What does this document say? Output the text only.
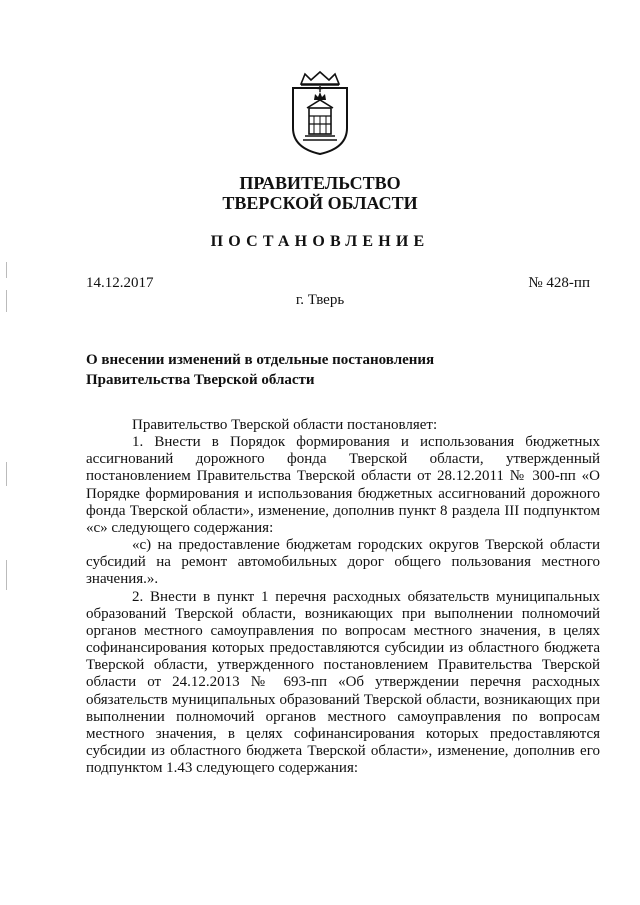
ПРАВИТЕЛЬСТВО
ТВЕРСКОЙ ОБЛАСТИ
ПОСТАНОВЛЕНИЕ
14.12.2017	№ 428-пп
г. Тверь
О внесении изменений в отдельные постановления
Правительства Тверской области

Правительство Тверской области постановляет:

1. Внести в Порядок формирования и использования бюджетных ассигнований дорожного фонда Тверской области, утвержденный постановлением Правительства Тверской области от 28.12.2011 № 300-пп «О Порядке формирования и использования бюджетных ассигнований дорожного фонда Тверской области», изменение, дополнив пункт 8 раздела III подпунктом «с» следующего содержания:

«с) на предоставление бюджетам городских округов Тверской области субсидий на ремонт автомобильных дорог общего пользования местного значения.».

2. Внести в пункт 1 перечня расходных обязательств муниципальных образований Тверской области, возникающих при выполнении полномочий органов местного самоуправления по вопросам местного значения, в целях софинансирования которых предоставляются субсидии из областного бюджета Тверской области, утвержденного постановлением Правительства Тверской области от 24.12.2013 № 693-пп «Об утверждении перечня расходных обязательств муниципальных образований Тверской области, возникающих при выполнении полномочий органов местного самоуправления по вопросам местного значения, в целях софинансирования которых предоставляются субсидии из областного бюджета Тверской области», изменение, дополнив его подпунктом 1.43 следующего содержания:
